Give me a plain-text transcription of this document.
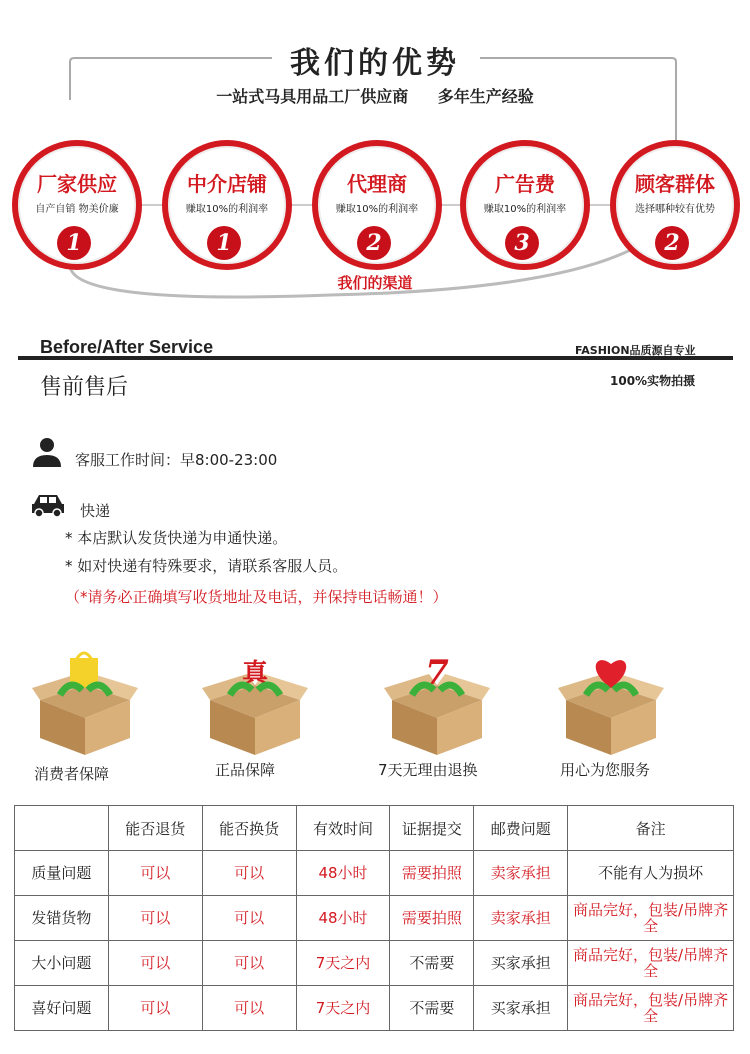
我们的优势
一站式马具用品工厂供应商 多年生产经验
厂家供应
自产自销 物美价廉
1
中介店铺
赚取10%的利润率
1
代理商
赚取10%的利润率
2
广告费
赚取10%的利润率
3
顾客群体
选择哪种较有优势
2
我们的渠道
Before/After Service
售前售后
FASHION品质源自专业
100%实物拍摄
客服工作时间：早8:00-23:00
快递
* 本店默认发货快递为申通快递。
* 如对快递有特殊要求，请联系客服人员。
（*请务必正确填写收货地址及电话，并保持电话畅通！）
消费者保障
真
正品保障
7
7天无理由退换	用心为您服务
	能否退货	能否换货	有效时间	证据提交	邮费问题	备注
质量问题	可以	可以	48小时	需要拍照	卖家承担	不能有人为损坏
发错货物	可以	可以	48小时	需要拍照	卖家承担	商品完好，包装/吊牌齐全
大小问题	可以	可以	7天之内	不需要	买家承担	商品完好，包装/吊牌齐全
喜好问题	可以	可以	7天之内	不需要	买家承担	商品完好，包装/吊牌齐全
